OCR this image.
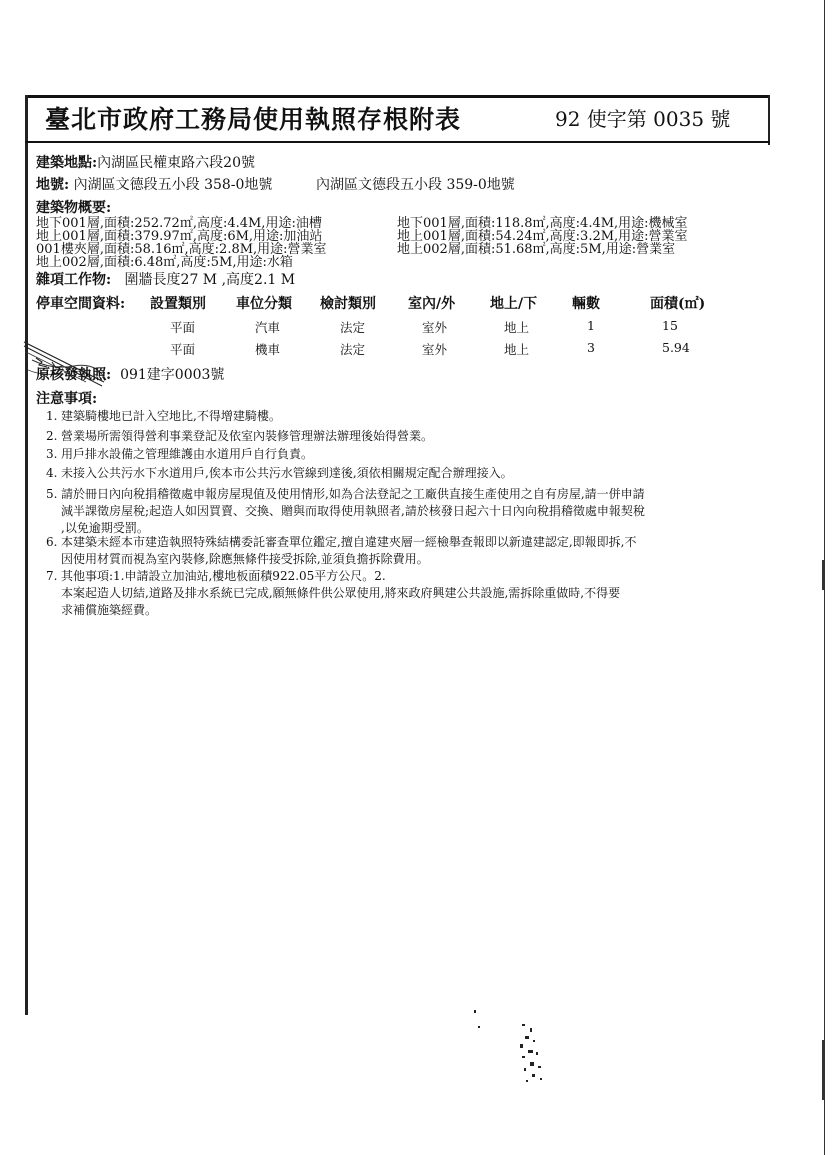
臺北市政府工務局使用執照存根附表	92 使字第 0035 號
建築地點:內湖區民權東路六段20號
地號: 內湖區文德段五小段 358-0地號	內湖區文德段五小段 359-0地號
建築物概要:
地下001層,面積:252.72㎡,高度:4.4M,用途:油槽
地上001層,面積:379.97㎡,高度:6M,用途:加油站
001樓夾層,面積:58.16㎡,高度:2.8M,用途:營業室
地上002層,面積:6.48㎡,高度:5M,用途:水箱
地下001層,面積:118.8㎡,高度:4.4M,用途:機械室
地上001層,面積:54.24㎡,高度:3.2M,用途:營業室
地上002層,面積:51.68㎡,高度:5M,用途:營業室
雜項工作物: 圍牆長度27 M ,高度2.1 M
停車空間資料: 設置類別 車位分類 檢討類別 室內/外 地上/下 輛數	面積(㎡)
平面	汽車	法定	室外	地上	1	15
平面	機車	法定	室外	地上	3	5.94
原核發執照: 091建字0003號
注意事項:
1. 建築騎樓地已計入空地比,不得增建騎樓。
2. 營業場所需領得營利事業登記及依室內裝修管理辦法辦理後始得營業。
3. 用戶排水設備之管理維護由水道用戶自行負責。
4. 未接入公共污水下水道用戶,俟本市公共污水管線到達後,須依相關規定配合辦理接入。
5. 請於冊日內向稅捐稽徵處申報房屋現值及使用情形,如為合法登記之工廠供直接生產使用之自有房屋,請一併申請
減半課徵房屋稅;起造人如因買賣、交換、贈與而取得使用執照者,請於核發日起六十日內向稅捐稽徵處申報契稅
,以免逾期受罰。
6. 本建築未經本市建造執照特殊結構委託審查單位鑑定,擅自違建夾層一經檢舉查報即以新違建認定,即報即拆,不
因使用材質而視為室內裝修,除應無條件接受拆除,並須負擔拆除費用。
7. 其他事項:1.申請設立加油站,樓地板面積922.05平方公尺。2.
本案起造人切結,道路及排水系統已完成,願無條件供公眾使用,將來政府興建公共設施,需拆除重做時,不得要
求補償施築經費。
